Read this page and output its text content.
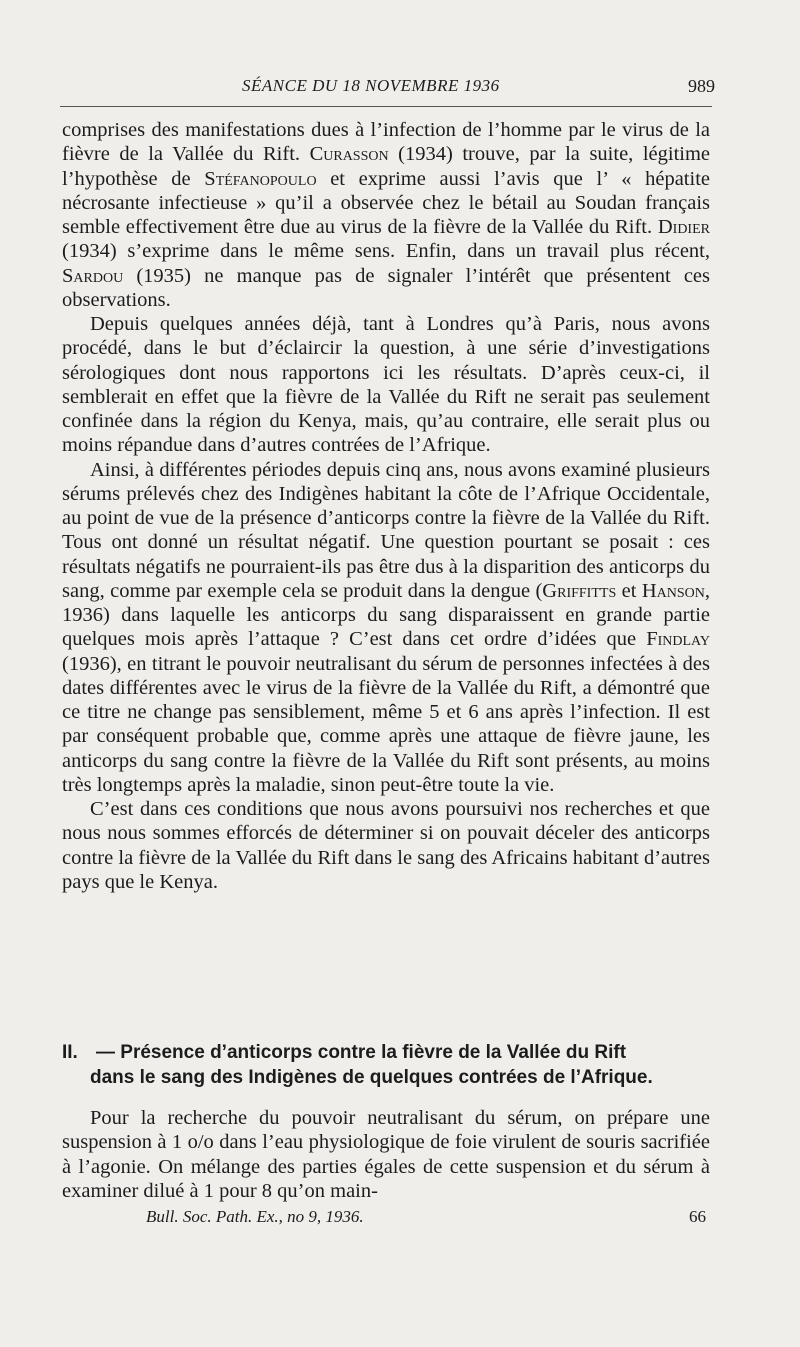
SÉANCE DU 18 NOVEMBRE 1936	989

comprises des manifestations dues à l’infection de l’homme par le virus de la fièvre de la Vallée du Rift. Curasson (1934) trouve, par la suite, légitime l’hypothèse de Stéfanopoulo et exprime aussi l’avis que l’ « hépatite nécrosante infectieuse » qu’il a observée chez le bétail au Soudan français semble effectivement être due au virus de la fièvre de la Vallée du Rift. Didier (1934) s’exprime dans le même sens. Enfin, dans un travail plus récent, Sardou (1935) ne manque pas de signaler l’intérêt que présentent ces observations.

Depuis quelques années déjà, tant à Londres qu’à Paris, nous avons procédé, dans le but d’éclaircir la question, à une série d’investigations sérologiques dont nous rapportons ici les résultats. D’après ceux-ci, il semblerait en effet que la fièvre de la Vallée du Rift ne serait pas seulement confinée dans la région du Kenya, mais, qu’au contraire, elle serait plus ou moins répandue dans d’autres contrées de l’Afrique.

Ainsi, à différentes périodes depuis cinq ans, nous avons examiné plusieurs sérums prélevés chez des Indigènes habitant la côte de l’Afrique Occidentale, au point de vue de la présence d’anticorps contre la fièvre de la Vallée du Rift. Tous ont donné un résultat négatif. Une question pourtant se posait : ces résultats négatifs ne pourraient-ils pas être dus à la disparition des anticorps du sang, comme par exemple cela se produit dans la dengue (Griffitts et Hanson, 1936) dans laquelle les anticorps du sang disparaissent en grande partie quelques mois après l’attaque ? C’est dans cet ordre d’idées que Findlay (1936), en titrant le pouvoir neutralisant du sérum de personnes infectées à des dates différentes avec le virus de la fièvre de la Vallée du Rift, a démontré que ce titre ne change pas sensiblement, même 5 et 6 ans après l’infection. Il est par conséquent probable que, comme après une attaque de fièvre jaune, les anticorps du sang contre la fièvre de la Vallée du Rift sont présents, au moins très longtemps après la maladie, sinon peut-être toute la vie.

C’est dans ces conditions que nous avons poursuivi nos recherches et que nous nous sommes efforcés de déterminer si on pouvait déceler des anticorps contre la fièvre de la Vallée du Rift dans le sang des Africains habitant d’autres pays que le Kenya.

II. — Présence d’anticorps contre la fièvre de la Vallée du Rift
dans le sang des Indigènes de quelques contrées de l’Afrique.

Pour la recherche du pouvoir neutralisant du sérum, on prépare une suspension à 1 o/o dans l’eau physiologique de foie virulent de souris sacrifiée à l’agonie. On mélange des parties égales de cette suspension et du sérum à examiner dilué à 1 pour 8 qu’on main-

Bull. Soc. Path. Ex., no 9, 1936.	66
